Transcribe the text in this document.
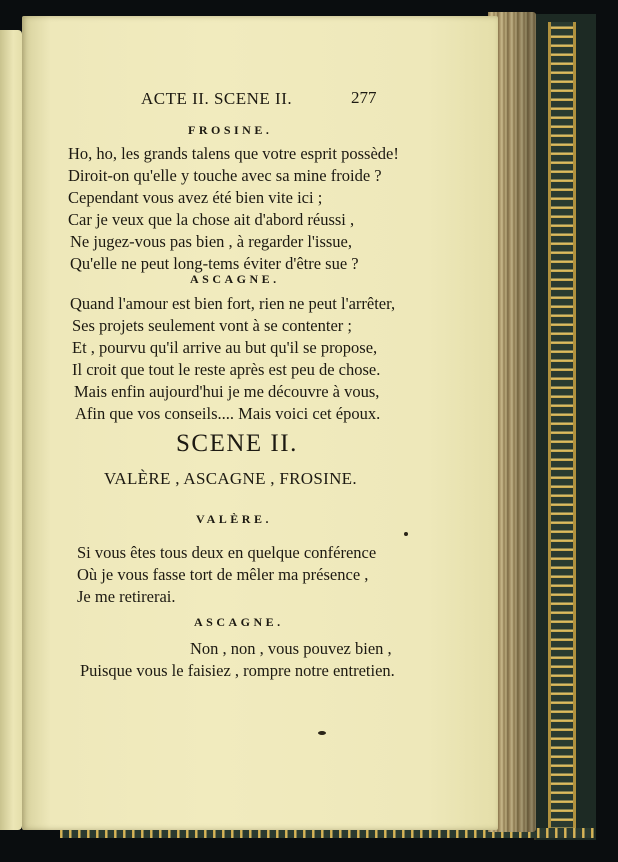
ACTE II. SCENE II.	277
FROSINE.
Ho, ho, les grands talens que votre esprit possède!
Diroit-on qu'elle y touche avec sa mine froide ?
Cependant vous avez été bien vite ici ;
Car je veux que la chose ait d'abord réussi ,
Ne jugez-vous pas bien , à regarder l'issue,
Qu'elle ne peut long-tems éviter d'être sue ?
ASCAGNE.
Quand l'amour est bien fort, rien ne peut l'arrêter,
Ses projets seulement vont à se contenter ;
Et , pourvu qu'il arrive au but qu'il se propose,
Il croit que tout le reste après est peu de chose.
Mais enfin aujourd'hui je me découvre à vous,
Afin que vos conseils.... Mais voici cet époux.
SCENE II.
VALÈRE , ASCAGNE , FROSINE.
VALÈRE.
Si vous êtes tous deux en quelque conférence
Où je vous fasse tort de mêler ma présence ,
Je me retirerai.
ASCAGNE.
Non , non , vous pouvez bien ,
Puisque vous le faisiez , rompre notre entretien.
